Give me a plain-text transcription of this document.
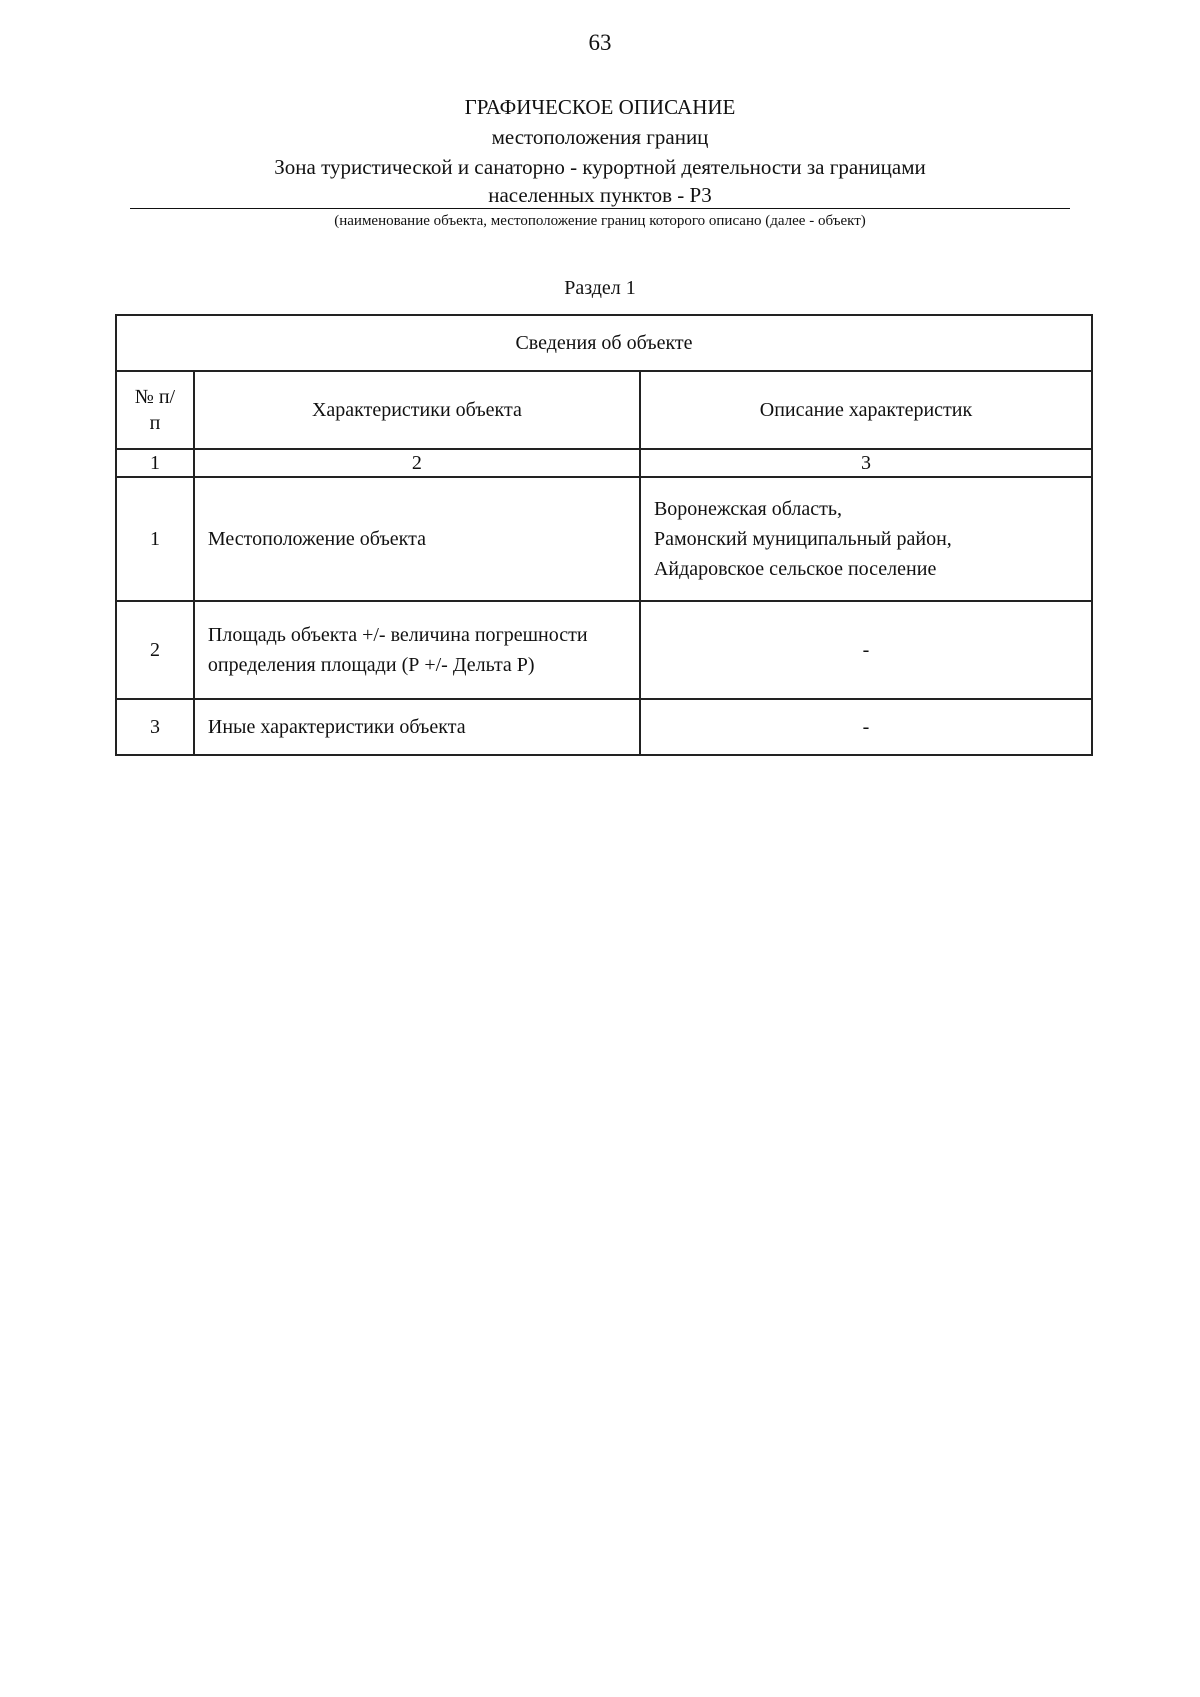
63
ГРАФИЧЕСКОЕ ОПИСАНИЕ
местоположения границ
Зона туристической и санаторно - курортной деятельности за границами
населенных пунктов - Р3
(наименование объекта, местоположение границ которого описано (далее - объект)
Раздел 1
Сведения об объекте		
№ п/п	Характеристики объекта	Описание характеристик
1	2	3
1	Местоположение объекта	Воронежская область,
Рамонский муниципальный район,
Айдаровское сельское поселение

2	Площадь объекта +/- величина погрешности определения площади (Р +/- Дельта Р)	-
3	Иные характеристики объекта	-
